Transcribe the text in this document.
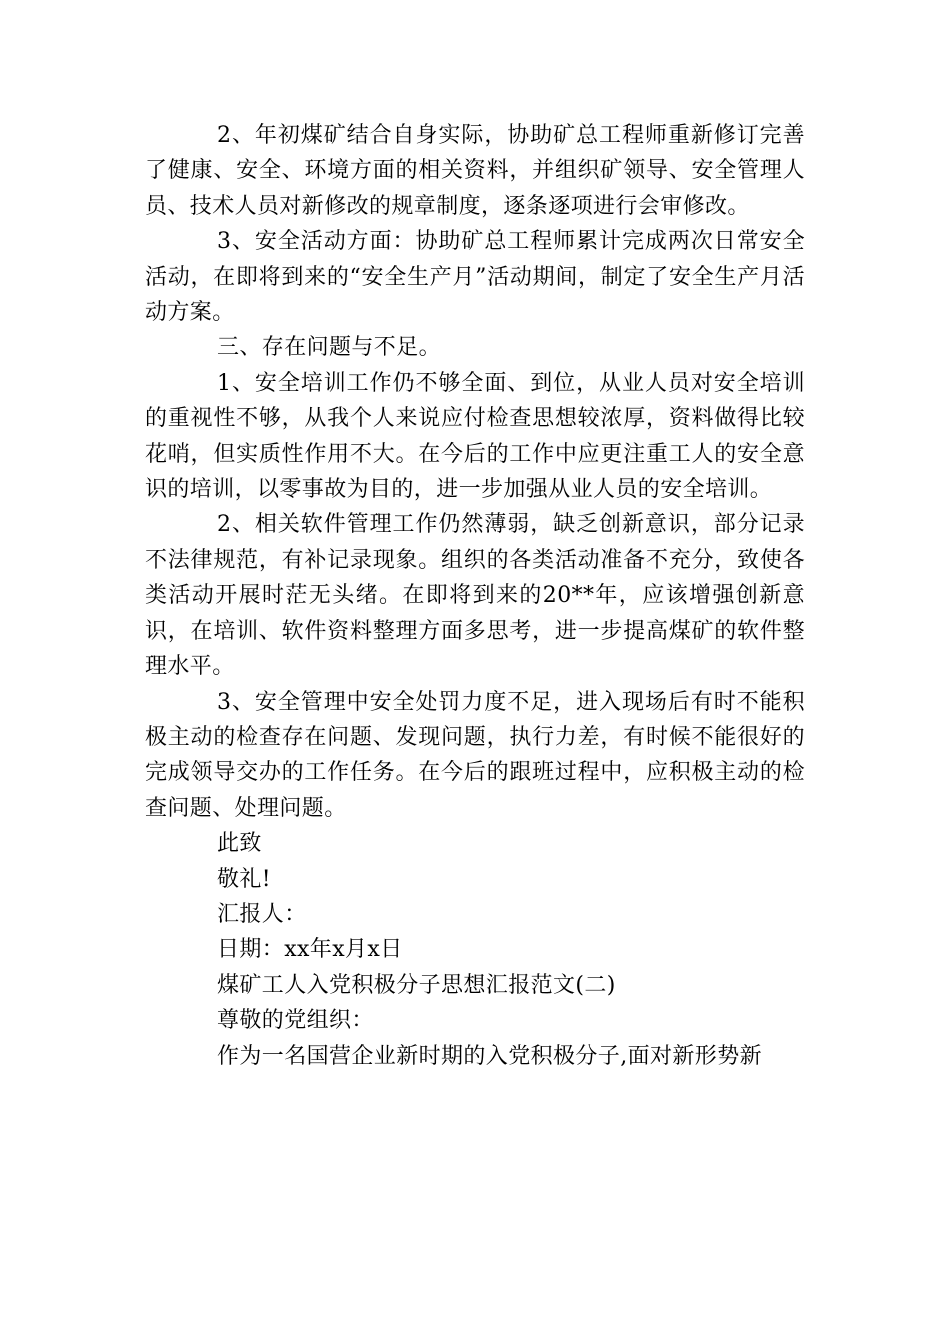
2、年初煤矿结合自身实际，协助矿总工程师重新修订完善了健康、安全、环境方面的相关资料，并组织矿领导、安全管理人员、技术人员对新修改的规章制度，逐条逐项进行会审修改。

3、安全活动方面：协助矿总工程师累计完成两次日常安全活动，在即将到来的“安全生产月”活动期间，制定了安全生产月活动方案。

三、存在问题与不足。

1、安全培训工作仍不够全面、到位，从业人员对安全培训的重视性不够，从我个人来说应付检查思想较浓厚，资料做得比较花哨，但实质性作用不大。在今后的工作中应更注重工人的安全意识的培训，以零事故为目的，进一步加强从业人员的安全培训。

2、相关软件管理工作仍然薄弱，缺乏创新意识，部分记录不法律规范，有补记录现象。组织的各类活动准备不充分，致使各类活动开展时茫无头绪。在即将到来的20**年，应该增强创新意识，在培训、软件资料整理方面多思考，进一步提高煤矿的软件整理水平。

3、安全管理中安全处罚力度不足，进入现场后有时不能积极主动的检查存在问题、发现问题，执行力差，有时候不能很好的完成领导交办的工作任务。在今后的跟班过程中，应积极主动的检查问题、处理问题。

此致

敬礼!

汇报人：

日期：xx年x月x日

煤矿工人入党积极分子思想汇报范文(二)

尊敬的党组织：

作为一名国营企业新时期的入党积极分子,面对新形势新
